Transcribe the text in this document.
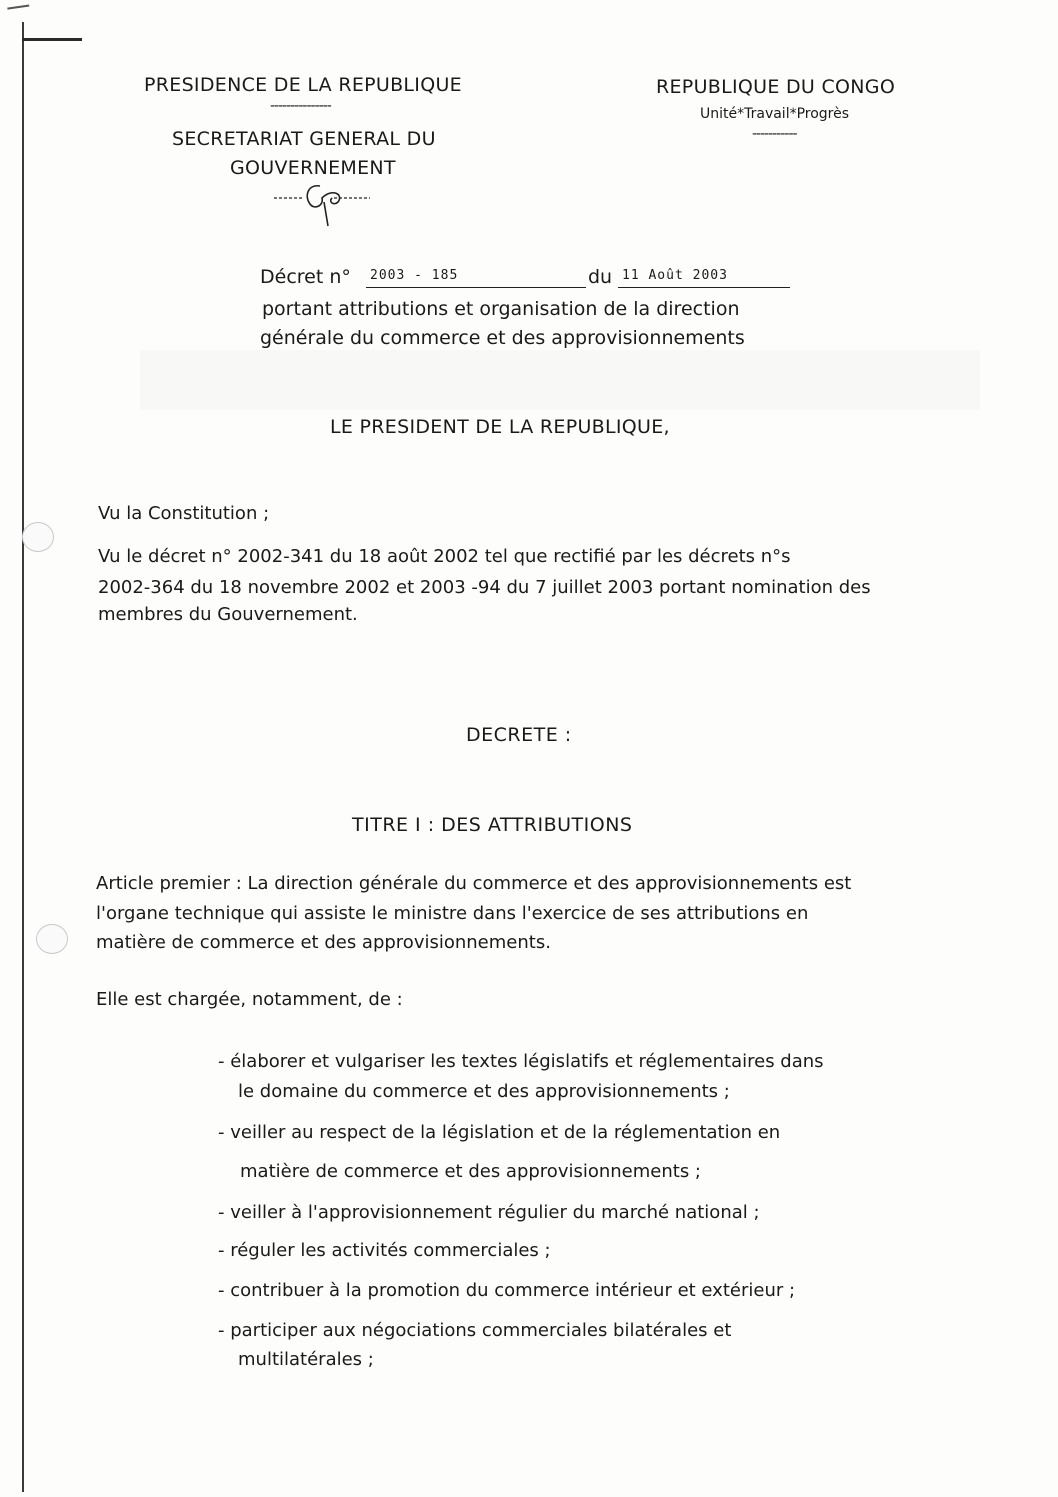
PRESIDENCE DE LA REPUBLIQUE
---------------
SECRETARIAT GENERAL DU
GOUVERNEMENT
REPUBLIQUE DU CONGO
Unité*Travail*Progrès
-----------
Décret n°	2003 - 185	du 11 Août 2003
portant attributions et organisation de la direction
générale du commerce et des approvisionnements
LE PRESIDENT DE LA REPUBLIQUE,
Vu la Constitution ;
Vu le décret n° 2002-341 du 18 août 2002 tel que rectifié par les décrets n°s
2002-364 du 18 novembre 2002 et 2003 -94 du 7 juillet 2003 portant nomination des
membres du Gouvernement.
DECRETE :
TITRE I : DES ATTRIBUTIONS
Article premier : La direction générale du commerce et des approvisionnements est
l'organe technique qui assiste le ministre dans l'exercice de ses attributions en
matière de commerce et des approvisionnements.
Elle est chargée, notamment, de :
- élaborer et vulgariser les textes législatifs et réglementaires dans
le domaine du commerce et des approvisionnements ;
- veiller au respect de la législation et de la réglementation en
matière de commerce et des approvisionnements ;
- veiller à l'approvisionnement régulier du marché national ;
- réguler les activités commerciales ;
- contribuer à la promotion du commerce intérieur et extérieur ;
- participer aux négociations commerciales bilatérales et
multilatérales ;
